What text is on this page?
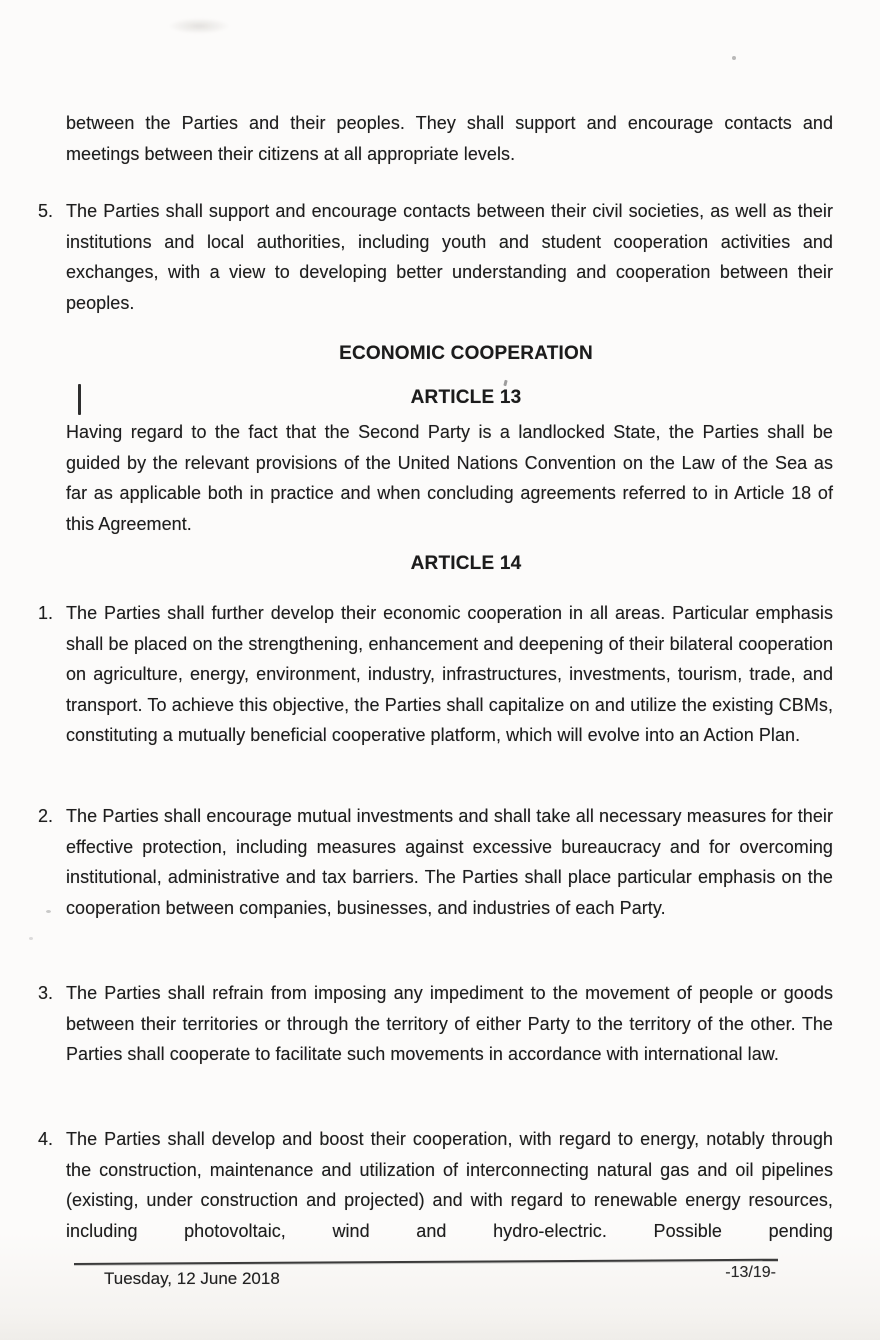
between the Parties and their peoples. They shall support and encourage contacts and meetings between their citizens at all appropriate levels.

5. The Parties shall support and encourage contacts between their civil societies, as well as their institutions and local authorities, including youth and student cooperation activities and exchanges, with a view to developing better understanding and cooperation between their peoples.
ECONOMIC COOPERATION
ARTICLE 13

Having regard to the fact that the Second Party is a landlocked State, the Parties shall be guided by the relevant provisions of the United Nations Convention on the Law of the Sea as far as applicable both in practice and when concluding agreements referred to in Article 18 of this Agreement.

ARTICLE 14
1. The Parties shall further develop their economic cooperation in all areas. Particular emphasis shall be placed on the strengthening, enhancement and deepening of their bilateral cooperation on agriculture, energy, environment, industry, infrastructures, investments, tourism, trade, and transport. To achieve this objective, the Parties shall capitalize on and utilize the existing CBMs, constituting a mutually beneficial cooperative platform, which will evolve into an Action Plan.
2. The Parties shall encourage mutual investments and shall take all necessary measures for their effective protection, including measures against excessive bureaucracy and for overcoming institutional, administrative and tax barriers. The Parties shall place particular emphasis on the cooperation between companies, businesses, and industries of each Party.
3. The Parties shall refrain from imposing any impediment to the movement of people or goods between their territories or through the territory of either Party to the territory of the other. The Parties shall cooperate to facilitate such movements in accordance with international law.
4. The Parties shall develop and boost their cooperation, with regard to energy, notably through the construction, maintenance and utilization of interconnecting natural gas and oil pipelines (existing, under construction and projected) and with regard to renewable energy resources, including photovoltaic, wind and hydro-electric. Possible pending
Tuesday, 12 June 2018	-13/19-
